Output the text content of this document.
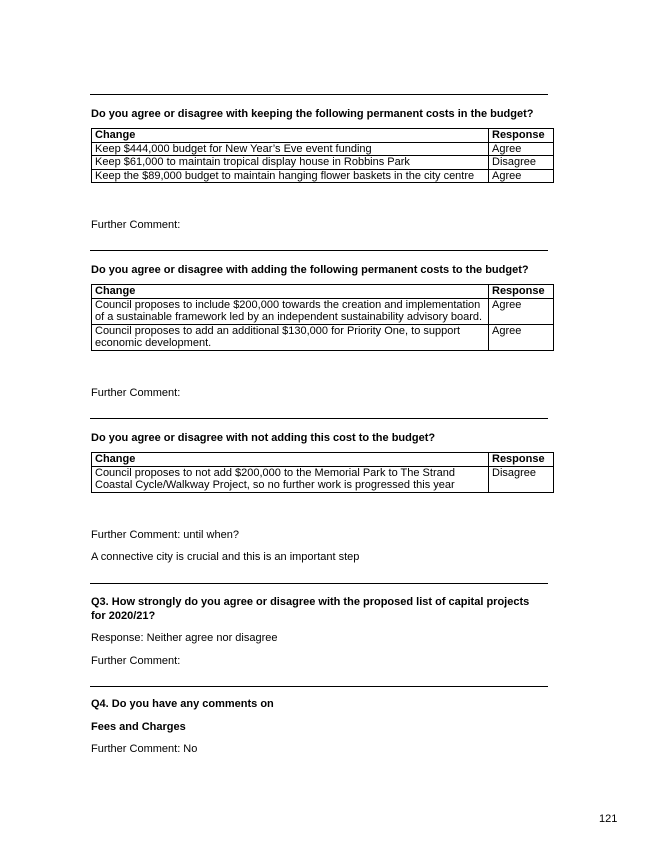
Do you agree or disagree with keeping the following permanent costs in the budget?
Change	Response
Keep $444,000 budget for New Year’s Eve event funding	Agree
Keep $61,000 to maintain tropical display house in Robbins Park	Disagree
Keep the $89,000 budget to maintain hanging flower baskets in the city centre	Agree
Further Comment:
Do you agree or disagree with adding the following permanent costs to the budget?
Change	Response
Council proposes to include $200,000 towards the creation and implementation of a sustainable framework led by an independent sustainability advisory board.	Agree
Council proposes to add an additional $130,000 for Priority One, to support economic development.	Agree
Further Comment:
Do you agree or disagree with not adding this cost to the budget?
Change	Response
Council proposes to not add $200,000 to the Memorial Park to The Strand Coastal Cycle/Walkway Project, so no further work is progressed this year	Disagree
Further Comment: until when?
A connective city is crucial and this is an important step
Q3. How strongly do you agree or disagree with the proposed list of capital projects
for 2020/21?
Response: Neither agree nor disagree
Further Comment:
Q4. Do you have any comments on
Fees and Charges
Further Comment: No
121
